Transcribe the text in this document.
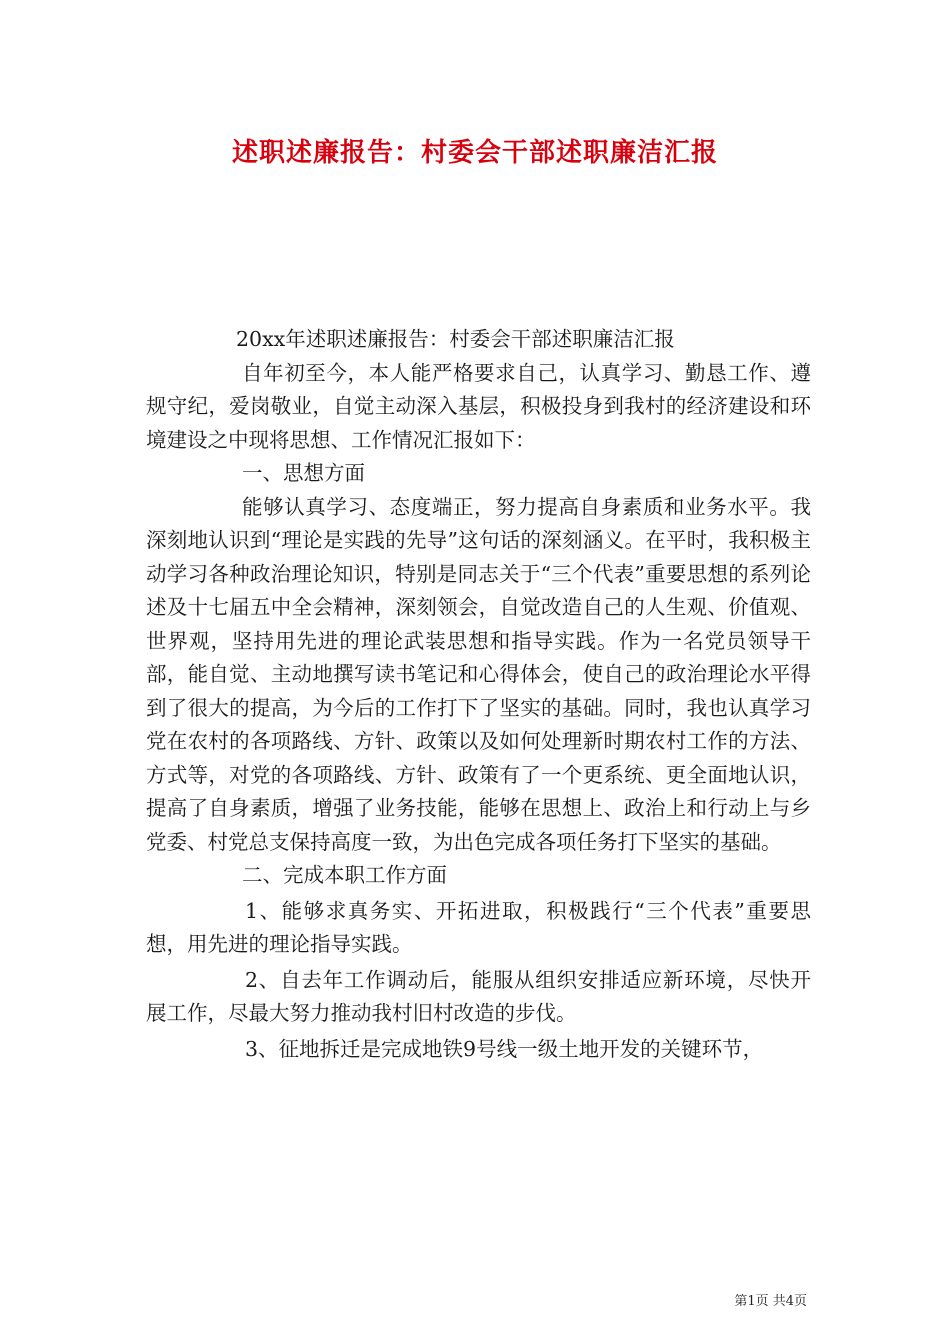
述职述廉报告：村委会干部述职廉洁汇报

20xx年述职述廉报告：村委会干部述职廉洁汇报

自年初至今，本人能严格要求自己，认真学习、勤恳工作、遵规守纪，爱岗敬业，自觉主动深入基层，积极投身到我村的经济建设和环境建设之中现将思想、工作情况汇报如下：

一、思想方面

能够认真学习、态度端正，努力提高自身素质和业务水平。我深刻地认识到“理论是实践的先导”这句话的深刻涵义。在平时，我积极主动学习各种政治理论知识，特别是同志关于“三个代表”重要思想的系列论述及十七届五中全会精神，深刻领会，自觉改造自己的人生观、价值观、世界观，坚持用先进的理论武装思想和指导实践。作为一名党员领导干部，能自觉、主动地撰写读书笔记和心得体会，使自己的政治理论水平得到了很大的提高，为今后的工作打下了坚实的基础。同时，我也认真学习党在农村的各项路线、方针、政策以及如何处理新时期农村工作的方法、方式等，对党的各项路线、方针、政策有了一个更系统、更全面地认识，提高了自身素质，增强了业务技能，能够在思想上、政治上和行动上与乡党委、村党总支保持高度一致，为出色完成各项任务打下坚实的基础。

二、完成本职工作方面

1、能够求真务实、开拓进取，积极践行“三个代表”重要思想，用先进的理论指导实践。

2、自去年工作调动后，能服从组织安排适应新环境，尽快开展工作，尽最大努力推动我村旧村改造的步伐。

3、征地拆迁是完成地铁9号线一级土地开发的关键环节，

第1页 共4页
